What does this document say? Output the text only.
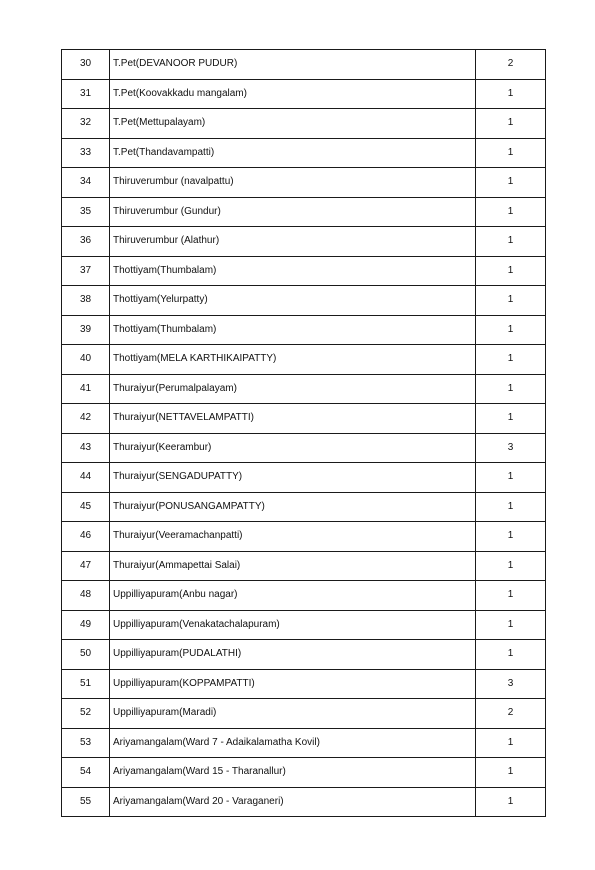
30	T.Pet(DEVANOOR PUDUR)	2
31	T.Pet(Koovakkadu mangalam)	1
32	T.Pet(Mettupalayam)	1
33	T.Pet(Thandavampatti)	1
34	Thiruverumbur (navalpattu)	1
35	Thiruverumbur (Gundur)	1
36	Thiruverumbur (Alathur)	1
37	Thottiyam(Thumbalam)	1
38	Thottiyam(Yelurpatty)	1
39	Thottiyam(Thumbalam)	1
40	Thottiyam(MELA KARTHIKAIPATTY)	1
41	Thuraiyur(Perumalpalayam)	1
42	Thuraiyur(NETTAVELAMPATTI)	1
43	Thuraiyur(Keerambur)	3
44	Thuraiyur(SENGADUPATTY)	1
45	Thuraiyur(PONUSANGAMPATTY)	1
46	Thuraiyur(Veeramachanpatti)	1
47	Thuraiyur(Ammapettai Salai)	1
48	Uppilliyapuram(Anbu nagar)	1
49	Uppilliyapuram(Venakatachalapuram)	1
50	Uppilliyapuram(PUDALATHI)	1
51	Uppilliyapuram(KOPPAMPATTI)	3
52	Uppilliyapuram(Maradi)	2
53	Ariyamangalam(Ward 7 - Adaikalamatha Kovil)	1
54	Ariyamangalam(Ward 15 - Tharanallur)	1
55	Ariyamangalam(Ward 20 - Varaganeri)	1
